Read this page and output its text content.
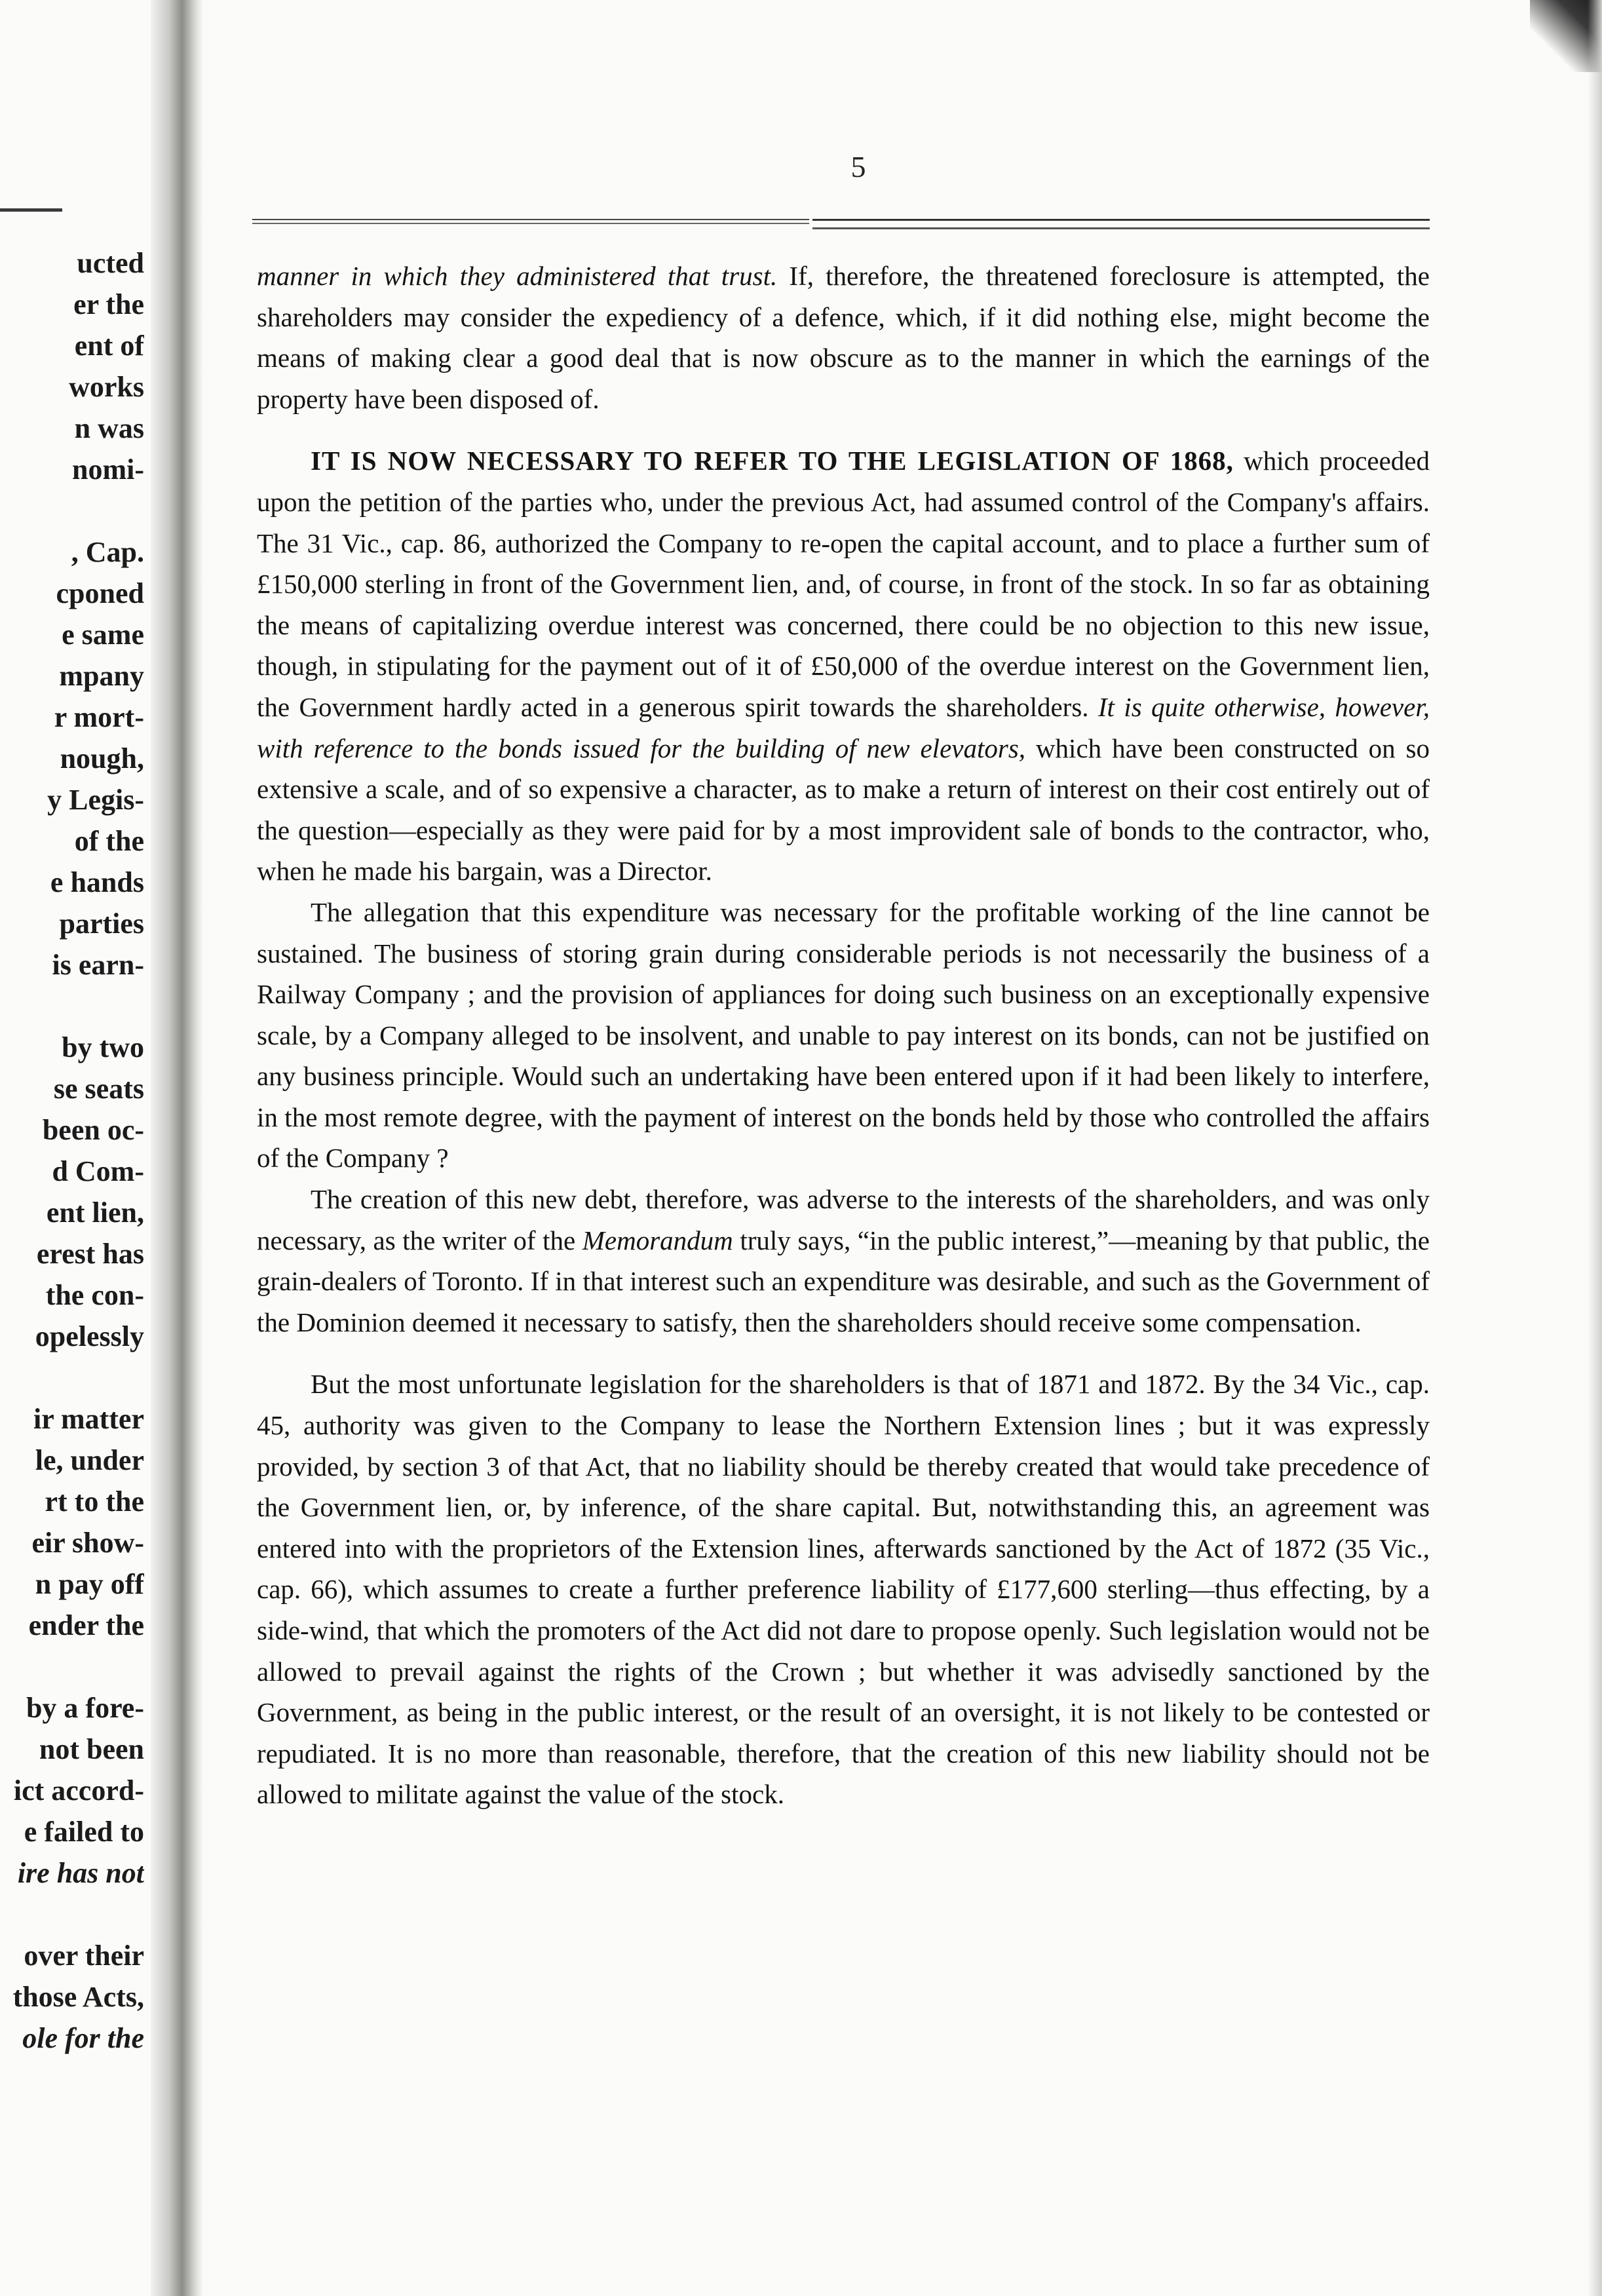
ucted
er the
ent of
works
n was
nomi-
, Cap.
cponed
e same
mpany
r mort-
nough,
y Legis-
of the
e hands
parties
is earn-
by two
se seats
been oc-
d Com-
ent lien,
erest has
the con-
opelessly
ir matter
le, under
rt to the
eir show-
n pay off
ender the
by a fore-
not been
ict accord-
e failed to
ire has not
over their
those Acts,
ole for the
5

manner in which they administered that trust. If, therefore, the threatened foreclosure is attempted, the shareholders may consider the expediency of a defence, which, if it did nothing else, might become the means of making clear a good deal that is now obscure as to the manner in which the earnings of the property have been disposed of.

IT IS NOW NECESSARY TO REFER TO THE LEGISLATION OF 1868, which proceeded upon the petition of the parties who, under the previous Act, had assumed control of the Company's affairs. The 31 Vic., cap. 86, authorized the Company to re-open the capital account, and to place a further sum of £150,000 sterling in front of the Government lien, and, of course, in front of the stock. In so far as obtaining the means of capitalizing overdue interest was concerned, there could be no objection to this new issue, though, in stipulating for the payment out of it of £50,000 of the overdue interest on the Government lien, the Government hardly acted in a generous spirit towards the shareholders. It is quite otherwise, however, with reference to the bonds issued for the building of new elevators, which have been constructed on so extensive a scale, and of so expensive a character, as to make a return of interest on their cost entirely out of the question—especially as they were paid for by a most improvident sale of bonds to the contractor, who, when he made his bargain, was a Director.

The allegation that this expenditure was necessary for the profitable working of the line cannot be sustained. The business of storing grain during considerable periods is not necessarily the business of a Railway Company ; and the provision of appliances for doing such business on an exceptionally expensive scale, by a Company alleged to be insolvent, and unable to pay interest on its bonds, can not be justified on any business principle. Would such an undertaking have been entered upon if it had been likely to interfere, in the most remote degree, with the payment of interest on the bonds held by those who controlled the affairs of the Company ?

The creation of this new debt, therefore, was adverse to the interests of the shareholders, and was only necessary, as the writer of the Memorandum truly says, “in the public interest,”—meaning by that public, the grain-dealers of Toronto. If in that interest such an expenditure was desirable, and such as the Government of the Dominion deemed it necessary to satisfy, then the shareholders should receive some compensation.

But the most unfortunate legislation for the shareholders is that of 1871 and 1872. By the 34 Vic., cap. 45, authority was given to the Company to lease the Northern Extension lines ; but it was expressly provided, by section 3 of that Act, that no liability should be thereby created that would take precedence of the Government lien, or, by inference, of the share capital. But, notwithstanding this, an agreement was entered into with the proprietors of the Extension lines, afterwards sanctioned by the Act of 1872 (35 Vic., cap. 66), which assumes to create a further preference liability of £177,600 sterling—thus effecting, by a side-wind, that which the promoters of the Act did not dare to propose openly. Such legislation would not be allowed to prevail against the rights of the Crown ; but whether it was advisedly sanctioned by the Government, as being in the public interest, or the result of an oversight, it is not likely to be contested or repudiated. It is no more than reasonable, therefore, that the creation of this new liability should not be allowed to militate against the value of the stock.
